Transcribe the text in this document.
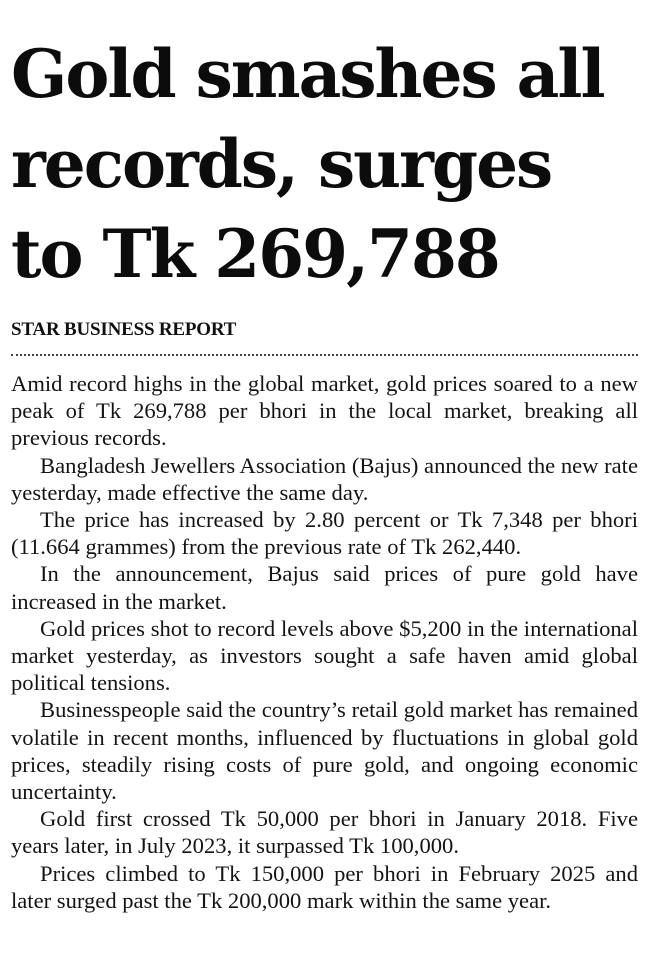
Gold smashes all
records, surges
to Tk 269,788
STAR BUSINESS REPORT

Amid record highs in the global market, gold prices soared to a new peak of Tk 269,788 per bhori in the local market, breaking all previous records.

Bangladesh Jewellers Association (Bajus) announced the new rate yesterday, made effective the same day.

The price has increased by 2.80 percent or Tk 7,348 per bhori (11.664 grammes) from the previous rate of Tk 262,440.

In the announcement, Bajus said prices of pure gold have increased in the market.

Gold prices shot to record levels above $5,200 in the international market yesterday, as investors sought a safe haven amid global political tensions.

Businesspeople said the country’s retail gold market has remained volatile in recent months, influenced by fluctuations in global gold prices, steadily rising costs of pure gold, and ongoing economic uncertainty.

Gold first crossed Tk 50,000 per bhori in January 2018. Five years later, in July 2023, it surpassed Tk 100,000.

Prices climbed to Tk 150,000 per bhori in February 2025 and later surged past the Tk 200,000 mark within the same year.
